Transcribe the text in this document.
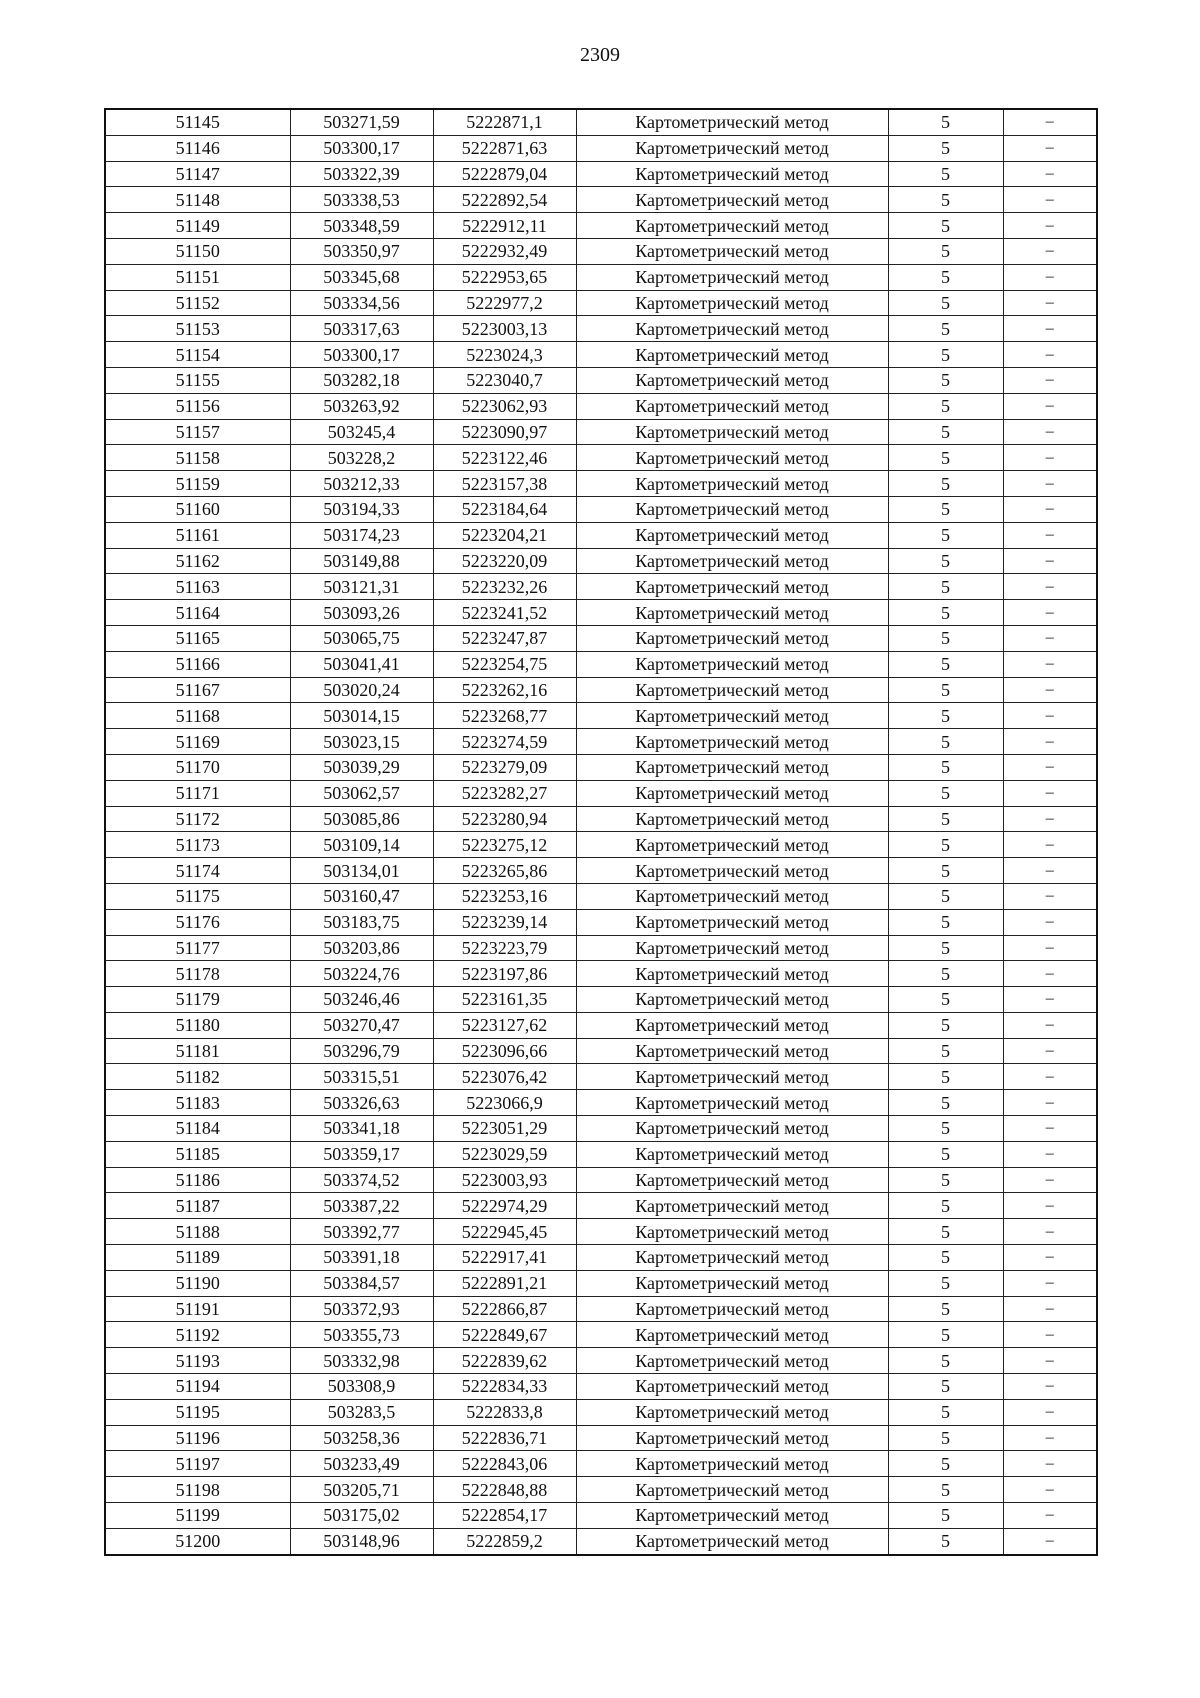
2309
51145	503271,59	5222871,1	Картометрический метод	5	–
51146	503300,17	5222871,63	Картометрический метод	5	–
51147	503322,39	5222879,04	Картометрический метод	5	–
51148	503338,53	5222892,54	Картометрический метод	5	–
51149	503348,59	5222912,11	Картометрический метод	5	–
51150	503350,97	5222932,49	Картометрический метод	5	–
51151	503345,68	5222953,65	Картометрический метод	5	–
51152	503334,56	5222977,2	Картометрический метод	5	–
51153	503317,63	5223003,13	Картометрический метод	5	–
51154	503300,17	5223024,3	Картометрический метод	5	–
51155	503282,18	5223040,7	Картометрический метод	5	–
51156	503263,92	5223062,93	Картометрический метод	5	–
51157	503245,4	5223090,97	Картометрический метод	5	–
51158	503228,2	5223122,46	Картометрический метод	5	–
51159	503212,33	5223157,38	Картометрический метод	5	–
51160	503194,33	5223184,64	Картометрический метод	5	–
51161	503174,23	5223204,21	Картометрический метод	5	–
51162	503149,88	5223220,09	Картометрический метод	5	–
51163	503121,31	5223232,26	Картометрический метод	5	–
51164	503093,26	5223241,52	Картометрический метод	5	–
51165	503065,75	5223247,87	Картометрический метод	5	–
51166	503041,41	5223254,75	Картометрический метод	5	–
51167	503020,24	5223262,16	Картометрический метод	5	–
51168	503014,15	5223268,77	Картометрический метод	5	–
51169	503023,15	5223274,59	Картометрический метод	5	–
51170	503039,29	5223279,09	Картометрический метод	5	–
51171	503062,57	5223282,27	Картометрический метод	5	–
51172	503085,86	5223280,94	Картометрический метод	5	–
51173	503109,14	5223275,12	Картометрический метод	5	–
51174	503134,01	5223265,86	Картометрический метод	5	–
51175	503160,47	5223253,16	Картометрический метод	5	–
51176	503183,75	5223239,14	Картометрический метод	5	–
51177	503203,86	5223223,79	Картометрический метод	5	–
51178	503224,76	5223197,86	Картометрический метод	5	–
51179	503246,46	5223161,35	Картометрический метод	5	–
51180	503270,47	5223127,62	Картометрический метод	5	–
51181	503296,79	5223096,66	Картометрический метод	5	–
51182	503315,51	5223076,42	Картометрический метод	5	–
51183	503326,63	5223066,9	Картометрический метод	5	–
51184	503341,18	5223051,29	Картометрический метод	5	–
51185	503359,17	5223029,59	Картометрический метод	5	–
51186	503374,52	5223003,93	Картометрический метод	5	–
51187	503387,22	5222974,29	Картометрический метод	5	–
51188	503392,77	5222945,45	Картометрический метод	5	–
51189	503391,18	5222917,41	Картометрический метод	5	–
51190	503384,57	5222891,21	Картометрический метод	5	–
51191	503372,93	5222866,87	Картометрический метод	5	–
51192	503355,73	5222849,67	Картометрический метод	5	–
51193	503332,98	5222839,62	Картометрический метод	5	–
51194	503308,9	5222834,33	Картометрический метод	5	–
51195	503283,5	5222833,8	Картометрический метод	5	–
51196	503258,36	5222836,71	Картометрический метод	5	–
51197	503233,49	5222843,06	Картометрический метод	5	–
51198	503205,71	5222848,88	Картометрический метод	5	–
51199	503175,02	5222854,17	Картометрический метод	5	–
51200	503148,96	5222859,2	Картометрический метод	5	–
